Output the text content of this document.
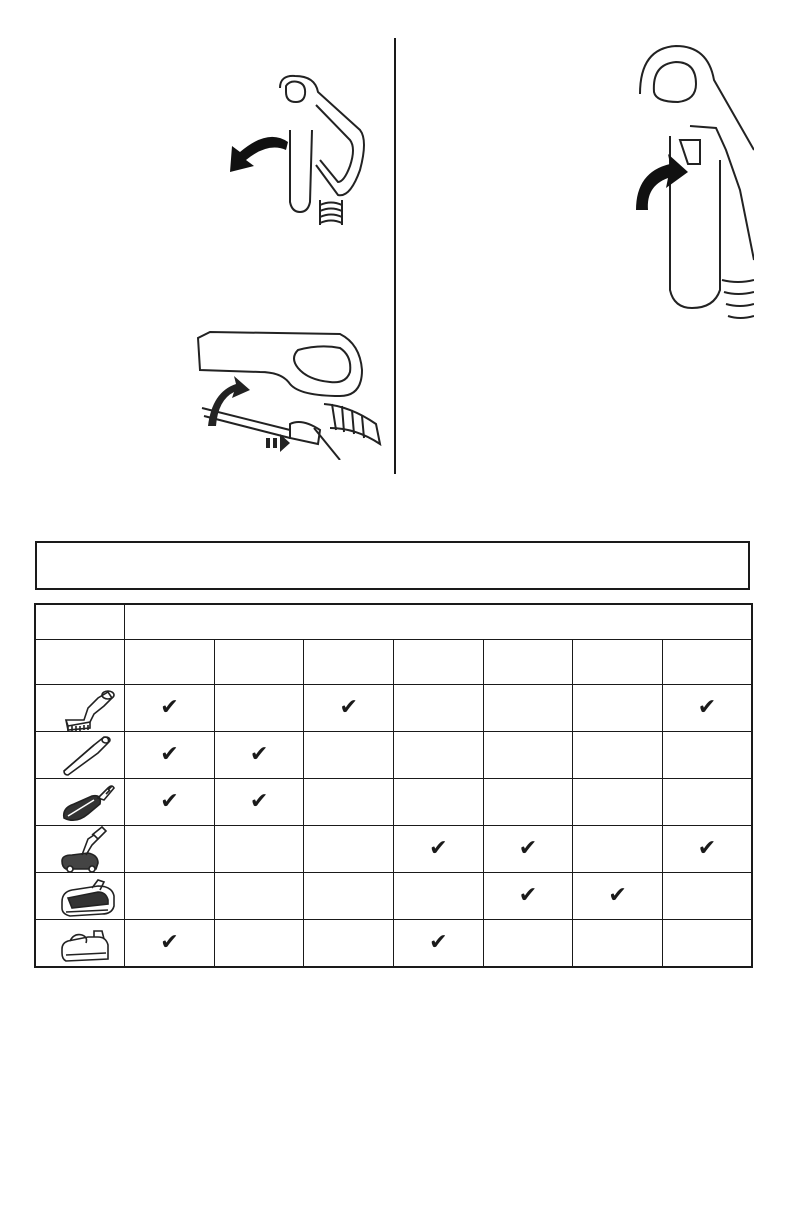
	✔		✔				✔

	✔	✔					

	✔	✔					

				✔	✔		✔

					✔	✔	

	✔			✔			
